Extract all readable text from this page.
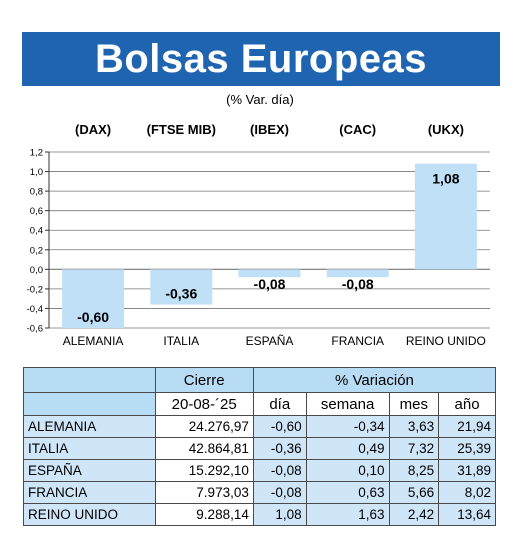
Bolsas Europeas
(% Var. día)
1,2
1,0
0,8
0,6
0,4
0,2
0,0
-0,2
-0,4
-0,6
-0,60
ALEMANIA
(DAX)
-0,36
ITALIA
(FTSE MIB)
-0,08
ESPAÑA
(IBEX)
-0,08
FRANCIA
(CAC)
1,08
REINO UNIDO
(UKX)
	Cierre	% Variación			
	20-08-´25	día	semana	mes	año
ALEMANIA	24.276,97	-0,60	-0,34	3,63	21,94
ITALIA	42.864,81	-0,36	0,49	7,32	25,39
ESPAÑA	15.292,10	-0,08	0,10	8,25	31,89
FRANCIA	7.973,03	-0,08	0,63	5,66	8,02
REINO UNIDO	9.288,14	1,08	1,63	2,42	13,64
